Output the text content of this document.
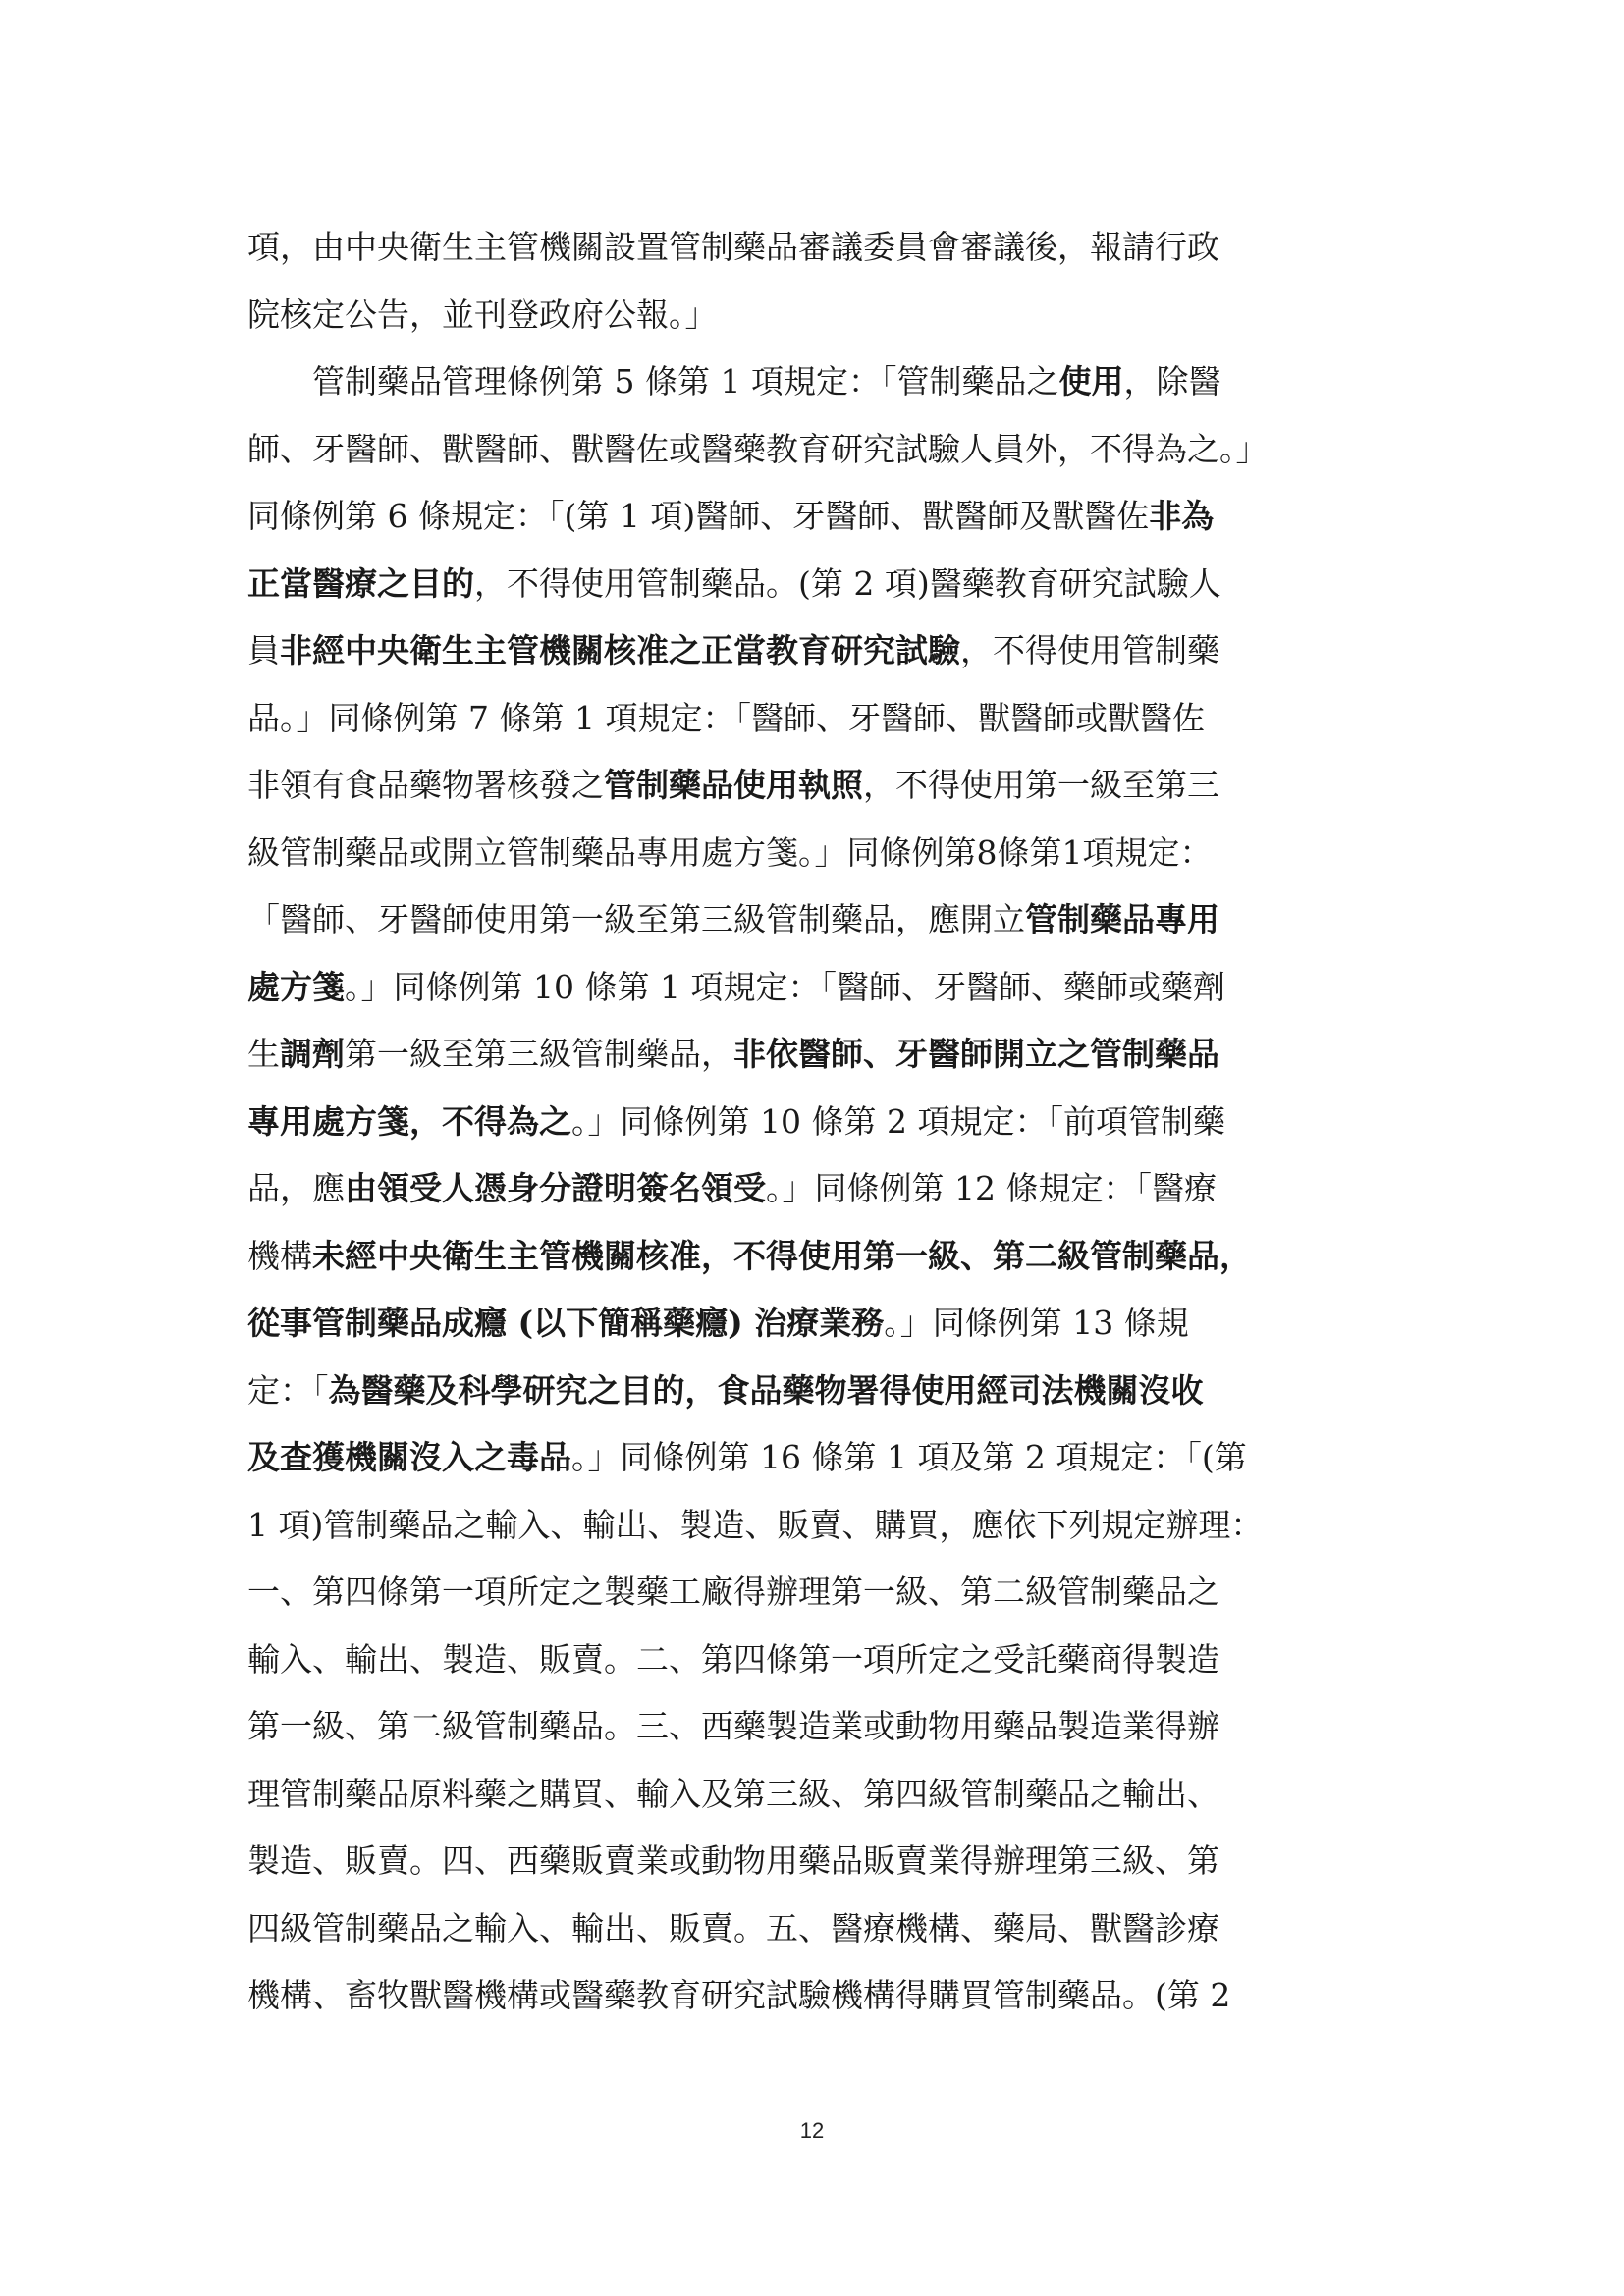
項，由中央衛生主管機關設置管制藥品審議委員會審議後，報請行政
院核定公告，並刊登政府公報。」
　　管制藥品管理條例第 5 條第 1 項規定：「管制藥品之使用，除醫
師、牙醫師、獸醫師、獸醫佐或醫藥教育研究試驗人員外，不得為之。」
同條例第 6 條規定：「(第 1 項)醫師、牙醫師、獸醫師及獸醫佐非為
正當醫療之目的，不得使用管制藥品。(第 2 項)醫藥教育研究試驗人
員非經中央衛生主管機關核准之正當教育研究試驗，不得使用管制藥
品。」同條例第 7 條第 1 項規定：「醫師、牙醫師、獸醫師或獸醫佐
非領有食品藥物署核發之管制藥品使用執照，不得使用第一級至第三
級管制藥品或開立管制藥品專用處方箋。」同條例第8條第1項規定：
「醫師、牙醫師使用第一級至第三級管制藥品，應開立管制藥品專用
處方箋。」同條例第 10 條第 1 項規定：「醫師、牙醫師、藥師或藥劑
生調劑第一級至第三級管制藥品，非依醫師、牙醫師開立之管制藥品
專用處方箋，不得為之。」同條例第 10 條第 2 項規定：「前項管制藥
品，應由領受人憑身分證明簽名領受。」同條例第 12 條規定：「醫療
機構未經中央衛生主管機關核准，不得使用第一級、第二級管制藥品，
從事管制藥品成癮 (以下簡稱藥癮) 治療業務。」同條例第 13 條規
定：「為醫藥及科學研究之目的，食品藥物署得使用經司法機關沒收
及查獲機關沒入之毒品。」同條例第 16 條第 1 項及第 2 項規定：「(第
1 項)管制藥品之輸入、輸出、製造、販賣、購買，應依下列規定辦理：
一、第四條第一項所定之製藥工廠得辦理第一級、第二級管制藥品之
輸入、輸出、製造、販賣。二、第四條第一項所定之受託藥商得製造
第一級、第二級管制藥品。三、西藥製造業或動物用藥品製造業得辦
理管制藥品原料藥之購買、輸入及第三級、第四級管制藥品之輸出、
製造、販賣。四、西藥販賣業或動物用藥品販賣業得辦理第三級、第
四級管制藥品之輸入、輸出、販賣。五、醫療機構、藥局、獸醫診療
機構、畜牧獸醫機構或醫藥教育研究試驗機構得購買管制藥品。(第 2
12
